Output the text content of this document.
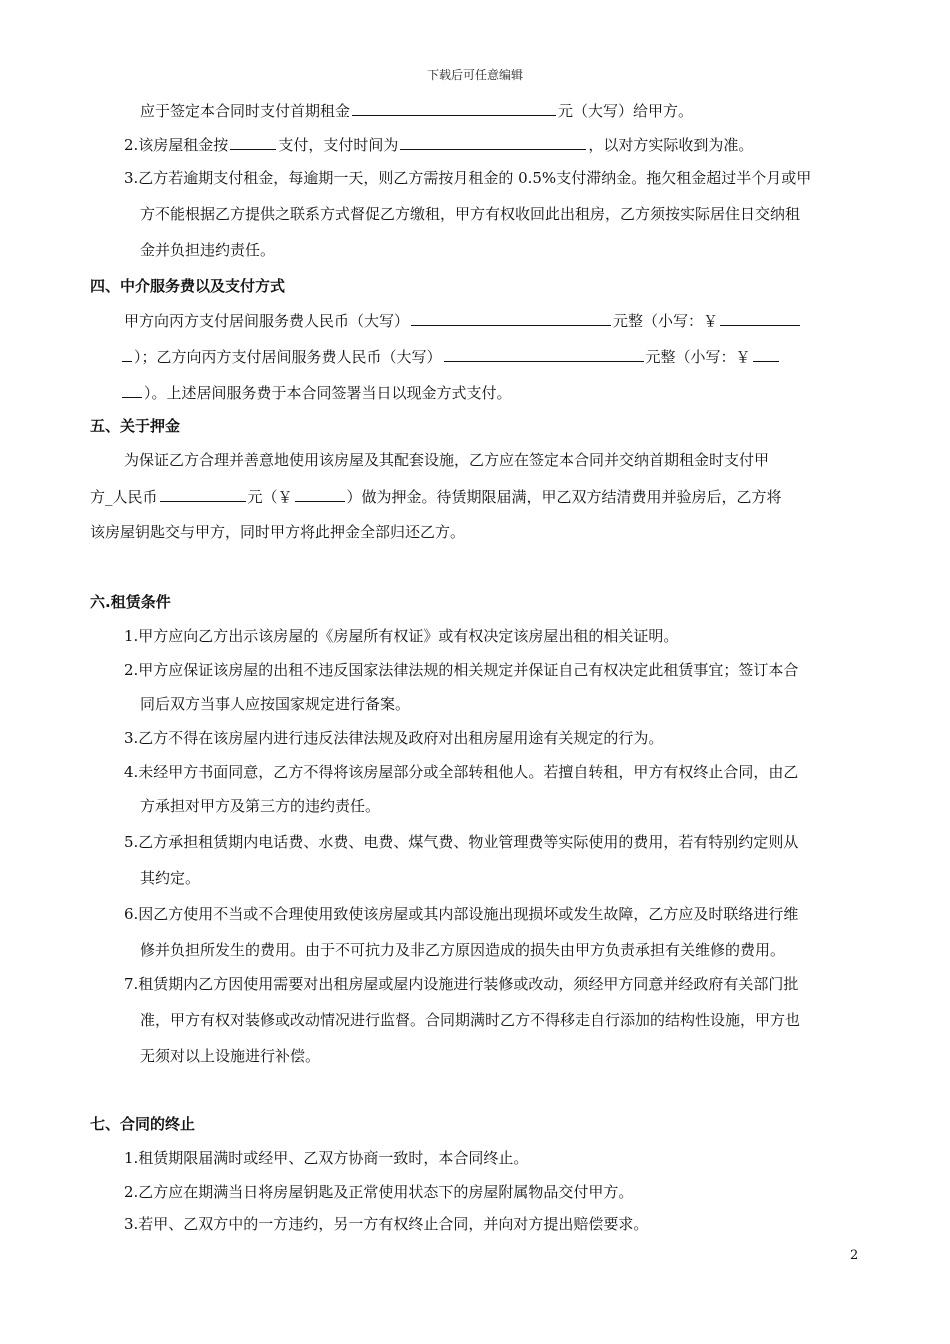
下载后可任意编辑
应于签定本合同时支付首期租金	元（大写）给甲方。
2.该房屋租金按	支付，支付时间为	，以对方实际收到为准。
3.乙方若逾期支付租金，每逾期一天，则乙方需按月租金的 0.5%支付滞纳金。拖欠租金超过半个月或甲
方不能根据乙方提供之联系方式督促乙方缴租，甲方有权收回此出租房，乙方须按实际居住日交纳租
金并负担违约责任。
四、中介服务费以及支付方式
甲方向丙方支付居间服务费人民币（大写）	元整（小写：￥
）；乙方向丙方支付居间服务费人民币（大写）	元整（小写：￥
）。上述居间服务费于本合同签署当日以现金方式支付。
五、关于押金
为保证乙方合理并善意地使用该房屋及其配套设施，乙方应在签定本合同并交纳首期租金时支付甲
方_人民币	元（￥	）做为押金。待赁期限届满，甲乙双方结清费用并验房后，乙方将
该房屋钥匙交与甲方，同时甲方将此押金全部归还乙方。
六.租赁条件
1.甲方应向乙方出示该房屋的《房屋所有权证》或有权决定该房屋出租的相关证明。
2.甲方应保证该房屋的出租不违反国家法律法规的相关规定并保证自己有权决定此租赁事宜；签订本合
同后双方当事人应按国家规定进行备案。
3.乙方不得在该房屋内进行违反法律法规及政府对出租房屋用途有关规定的行为。
4.未经甲方书面同意，乙方不得将该房屋部分或全部转租他人。若擅自转租，甲方有权终止合同，由乙
方承担对甲方及第三方的违约责任。
5.乙方承担租赁期内电话费、水费、电费、煤气费、物业管理费等实际使用的费用，若有特别约定则从
其约定。
6.因乙方使用不当或不合理使用致使该房屋或其内部设施出现损坏或发生故障，乙方应及时联络进行维
修并负担所发生的费用。由于不可抗力及非乙方原因造成的损失由甲方负责承担有关维修的费用。
7.租赁期内乙方因使用需要对出租房屋或屋内设施进行装修或改动，须经甲方同意并经政府有关部门批
准，甲方有权对装修或改动情况进行监督。合同期满时乙方不得移走自行添加的结构性设施，甲方也
无须对以上设施进行补偿。
七、合同的终止
1.租赁期限届满时或经甲、乙双方协商一致时，本合同终止。
2.乙方应在期满当日将房屋钥匙及正常使用状态下的房屋附属物品交付甲方。
3.若甲、乙双方中的一方违约，另一方有权终止合同，并向对方提出赔偿要求。
2
